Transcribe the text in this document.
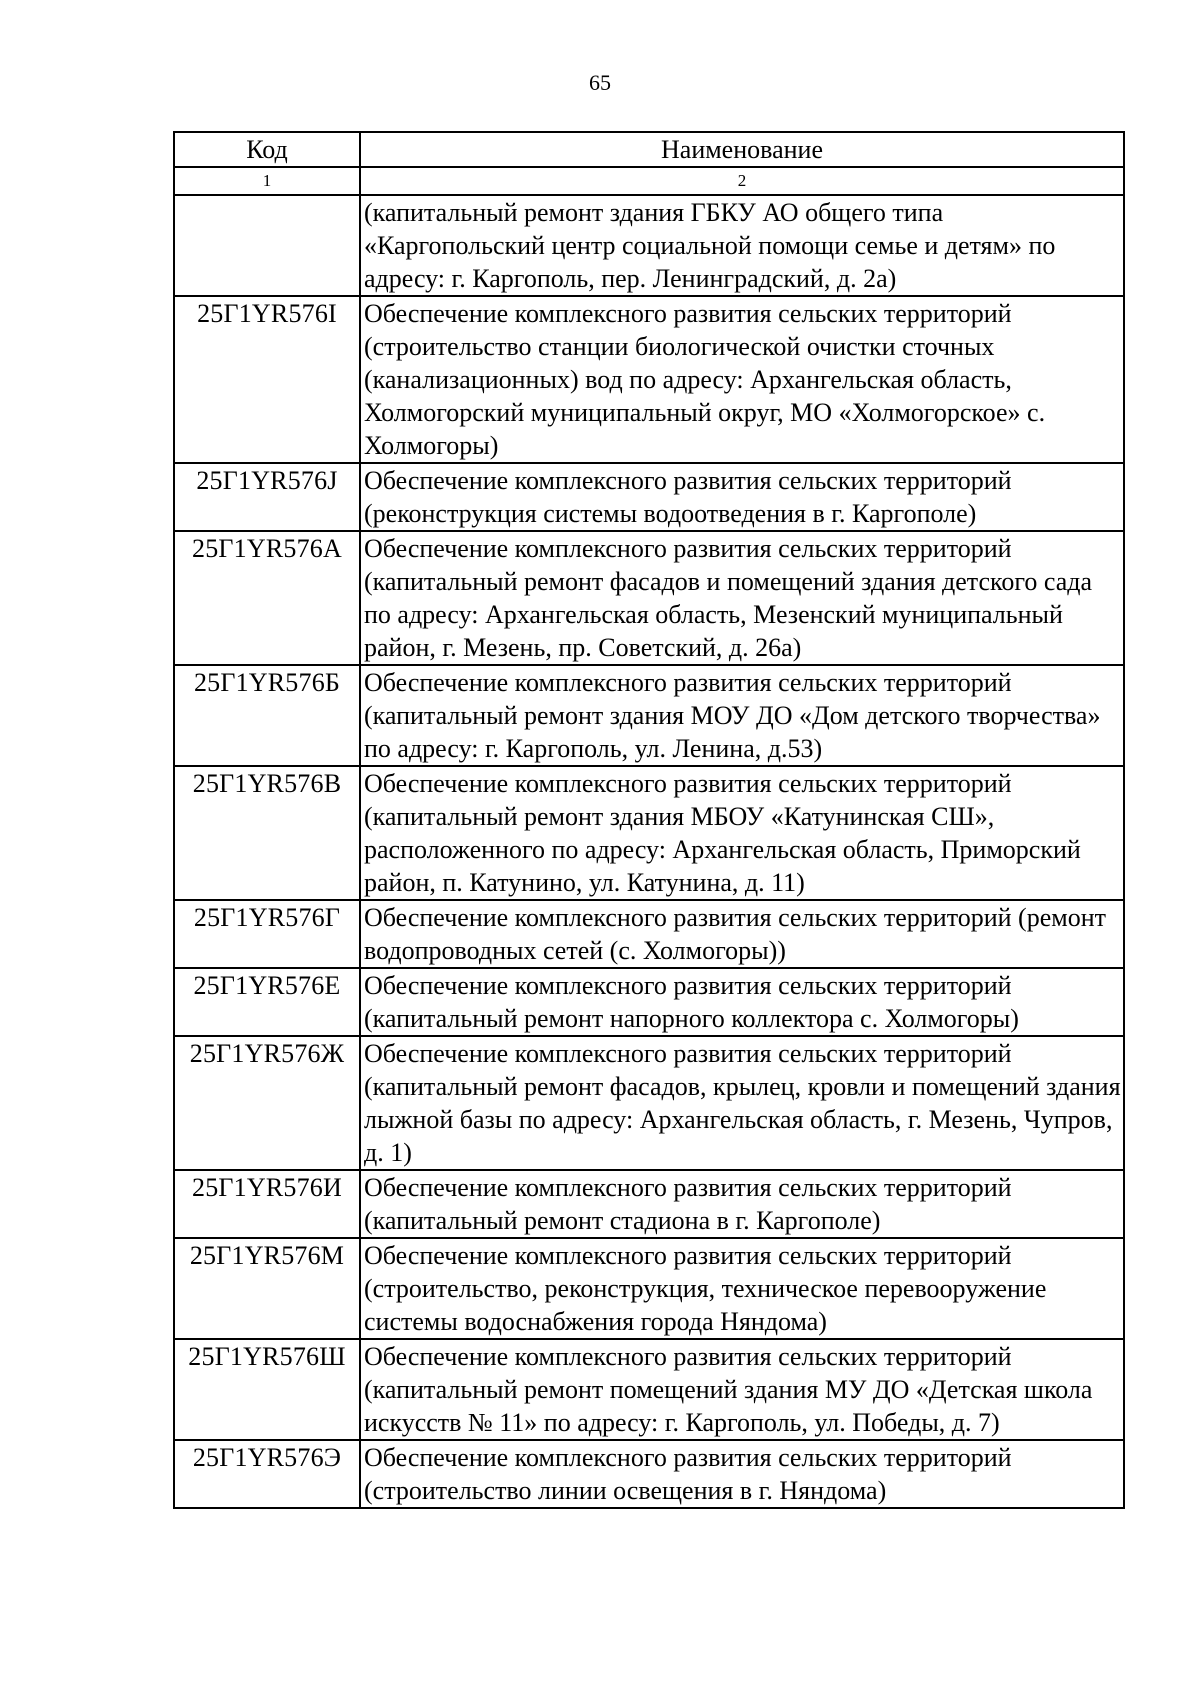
65
Код	Наименование
1	2
	(капитальный ремонт здания ГБКУ АО общего типа «Каргопольский центр социальной помощи семье и детям» по адресу: г. Каргополь, пер. Ленинградский, д. 2а)
25Г1YR576I	Обеспечение комплексного развития сельских территорий (строительство станции биологической очистки сточных (канализационных) вод по адресу: Архангельская область, Холмогорский муниципальный округ, МО «Холмогорское» с. Холмогоры)
25Г1YR576J	Обеспечение комплексного развития сельских территорий (реконструкция системы водоотведения в г. Каргополе)
25Г1YR576А	Обеспечение комплексного развития сельских территорий (капитальный ремонт фасадов и помещений здания детского сада по адресу: Архангельская область, Мезенский муниципальный район, г. Мезень, пр. Советский, д. 26а)
25Г1YR576Б	Обеспечение комплексного развития сельских территорий (капитальный ремонт здания МОУ ДО «Дом детского творчества» по адресу: г. Каргополь, ул. Ленина, д.53)
25Г1YR576В	Обеспечение комплексного развития сельских территорий (капитальный ремонт здания МБОУ «Катунинская СШ», расположенного по адресу: Архангельская область, Приморский район, п. Катунино, ул. Катунина, д. 11)
25Г1YR576Г	Обеспечение комплексного развития сельских территорий (ремонт водопроводных сетей (с. Холмогоры))
25Г1YR576Е	Обеспечение комплексного развития сельских территорий (капитальный ремонт напорного коллектора с. Холмогоры)
25Г1YR576Ж	Обеспечение комплексного развития сельских территорий (капитальный ремонт фасадов, крылец, кровли и помещений здания лыжной базы по адресу: Архангельская область, г. Мезень, Чупров, д. 1)
25Г1YR576И	Обеспечение комплексного развития сельских территорий (капитальный ремонт стадиона в г. Каргополе)
25Г1YR576М	Обеспечение комплексного развития сельских территорий (строительство, реконструкция, техническое перевооружение системы водоснабжения города Няндома)
25Г1YR576Ш	Обеспечение комплексного развития сельских территорий (капитальный ремонт помещений здания МУ ДО «Детская школа искусств № 11» по адресу: г. Каргополь, ул. Победы, д. 7)
25Г1YR576Э	Обеспечение комплексного развития сельских территорий (строительство линии освещения в г. Няндома)
